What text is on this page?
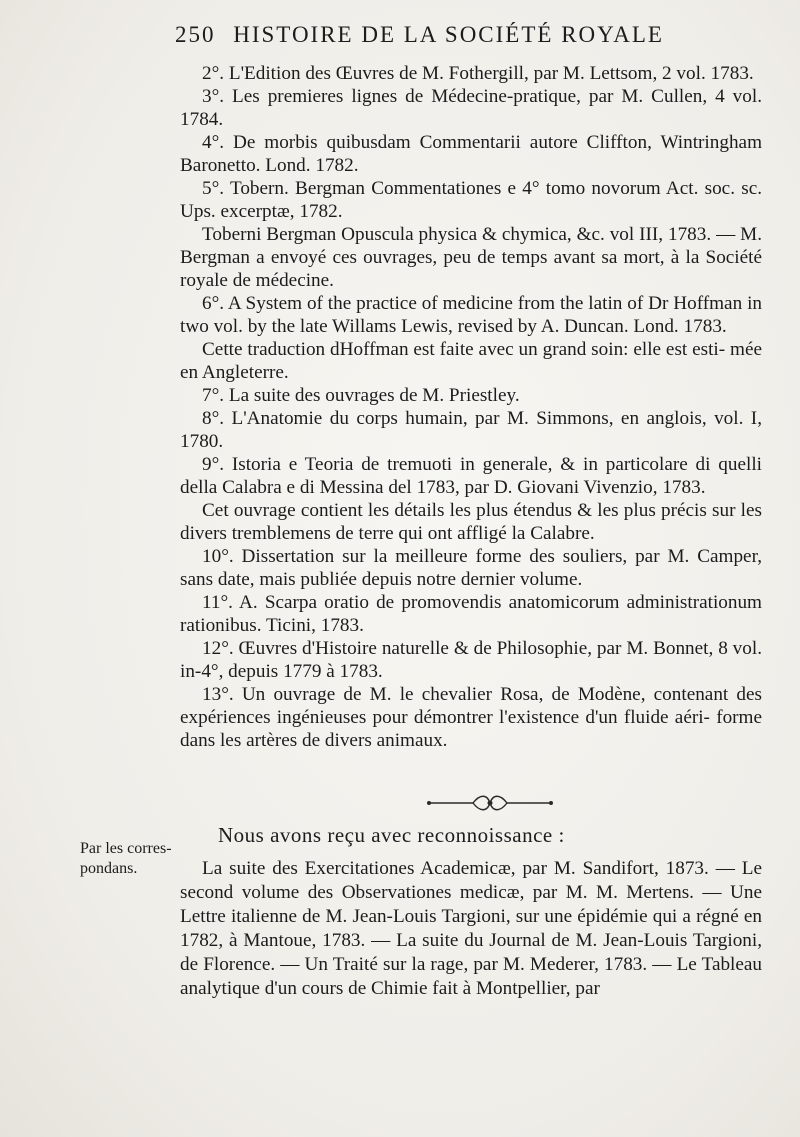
250 HISTOIRE DE LA SOCIÉTÉ ROYALE

2°. L'Edition des Œuvres de M. Fothergill, par M. Lettsom, 2 vol. 1783.

3°. Les premieres lignes de Médecine-pratique, par M. Cullen, 4 vol. 1784.

4°. De morbis quibusdam Commentarii autore Cliffton, Wintringham Baronetto. Lond. 1782.

5°. Tobern. Bergman Commentationes e 4° tomo novorum Act. soc. sc. Ups. excerptæ, 1782.

Toberni Bergman Opuscula physica & chymica, &c. vol III, 1783. — M. Bergman a envoyé ces ouvrages, peu de temps avant sa mort, à la Société royale de médecine.

6°. A System of the practice of medicine from the latin of Dr Hoffman in two vol. by the late Willams Lewis, revised by A. Duncan. Lond. 1783.

Cette traduction dHoffman est faite avec un grand soin: elle est esti- mée en Angleterre.

7°. La suite des ouvrages de M. Priestley.

8°. L'Anatomie du corps humain, par M. Simmons, en anglois, vol. I, 1780.

9°. Istoria e Teoria de tremuoti in generale, & in particolare di quelli della Calabra e di Messina del 1783, par D. Giovani Vivenzio, 1783.

Cet ouvrage contient les détails les plus étendus & les plus précis sur les divers tremblemens de terre qui ont affligé la Calabre.

10°. Dissertation sur la meilleure forme des souliers, par M. Camper, sans date, mais publiée depuis notre dernier volume.

11°. A. Scarpa oratio de promovendis anatomicorum administrationum rationibus. Ticini, 1783.

12°. Œuvres d'Histoire naturelle & de Philosophie, par M. Bonnet, 8 vol. in-4°, depuis 1779 à 1783.

13°. Un ouvrage de M. le chevalier Rosa, de Modène, contenant des expériences ingénieuses pour démontrer l'existence d'un fluide aéri- forme dans les artères de divers animaux.

Par les corres-
pondans.
Nous avons reçu avec reconnoissance :

La suite des Exercitationes Academicæ, par M. Sandifort, 1873. — Le second volume des Observationes medicæ, par M. M. Mertens. — Une Lettre italienne de M. Jean-Louis Targioni, sur une épidémie qui a régné en 1782, à Mantoue, 1783. — La suite du Journal de M. Jean-Louis Targioni, de Florence. — Un Traité sur la rage, par M. Mederer, 1783. — Le Tableau analytique d'un cours de Chimie fait à Montpellier, par
